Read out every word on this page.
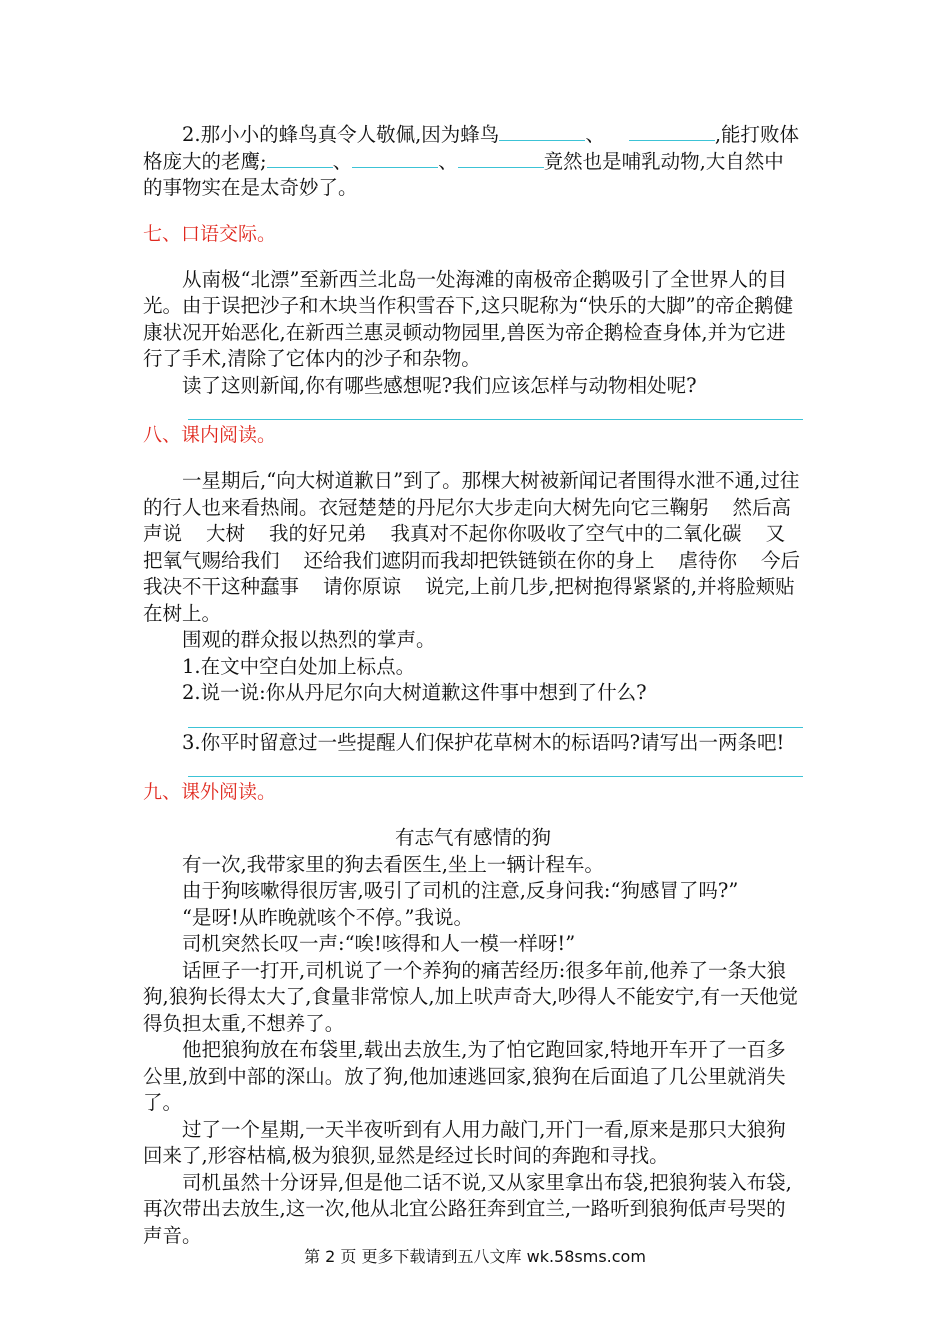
2.那小小的蜂鸟真令人敬佩,因为蜂鸟	、	,能打败体格庞大的老鹰;	、	、	竟然也是哺乳动物,大自然中的事物实在是太奇妙了。

七、口语交际。

从南极“北漂”至新西兰北岛一处海滩的南极帝企鹅吸引了全世界人的目光。由于误把沙子和木块当作积雪吞下,这只昵称为“快乐的大脚”的帝企鹅健康状况开始恶化,在新西兰惠灵顿动物园里,兽医为帝企鹅检查身体,并为它进行了手术,清除了它体内的沙子和杂物。

读了这则新闻,你有哪些感想呢?我们应该怎样与动物相处呢?

八、课内阅读。

一星期后,“向大树道歉日”到了。那棵大树被新闻记者围得水泄不通,过往的行人也来看热闹。衣冠楚楚的丹尼尔大步走向大树先向它三鞠躬 然后高声说 大树 我的好兄弟 我真对不起你你吸收了空气中的二氧化碳 又把氧气赐给我们 还给我们遮阴而我却把铁链锁在你的身上 虐待你 今后我决不干这种蠢事 请你原谅 说完,上前几步,把树抱得紧紧的,并将脸颊贴在树上。

围观的群众报以热烈的掌声。

1.在文中空白处加上标点。

2.说一说:你从丹尼尔向大树道歉这件事中想到了什么?

3.你平时留意过一些提醒人们保护花草树木的标语吗?请写出一两条吧!

九、课外阅读。

有志气有感情的狗

有一次,我带家里的狗去看医生,坐上一辆计程车。

由于狗咳嗽得很厉害,吸引了司机的注意,反身问我:“狗感冒了吗?”

“是呀!从昨晚就咳个不停。”我说。

司机突然长叹一声:“唉!咳得和人一模一样呀!”

话匣子一打开,司机说了一个养狗的痛苦经历:很多年前,他养了一条大狼狗,狼狗长得太大了,食量非常惊人,加上吠声奇大,吵得人不能安宁,有一天他觉得负担太重,不想养了。

他把狼狗放在布袋里,载出去放生,为了怕它跑回家,特地开车开了一百多公里,放到中部的深山。放了狗,他加速逃回家,狼狗在后面追了几公里就消失了。

过了一个星期,一天半夜听到有人用力敲门,开门一看,原来是那只大狼狗回来了,形容枯槁,极为狼狈,显然是经过长时间的奔跑和寻找。

司机虽然十分讶异,但是他二话不说,又从家里拿出布袋,把狼狗装入布袋,再次带出去放生,这一次,他从北宜公路狂奔到宜兰,一路听到狼狗低声号哭的声音。

第 2 页 更多下载请到五八文库 wk.58sms.com
